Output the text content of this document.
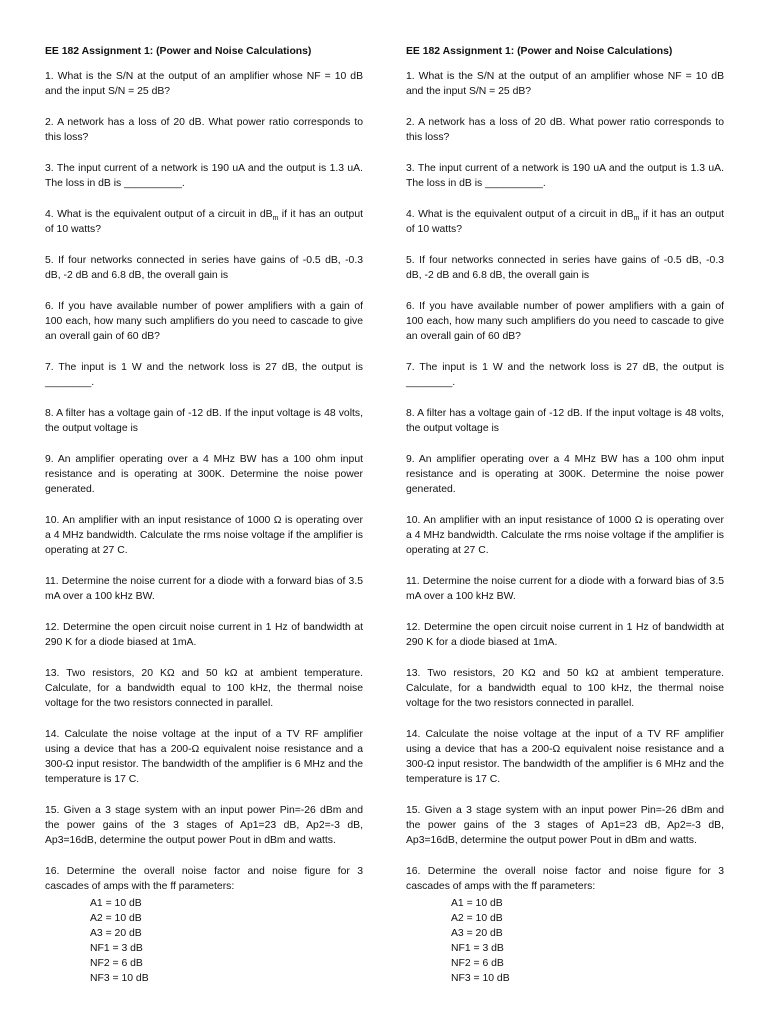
EE 182 Assignment 1: (Power and Noise Calculations)
1. What is the S/N at the output of an amplifier whose NF = 10 dB and the input S/N = 25 dB?
2. A network has a loss of 20 dB. What power ratio corresponds to this loss?
3. The input current of a network is 190 uA and the output is 1.3 uA. The loss in dB is __________.
4. What is the equivalent output of a circuit in $dB_m$ if it has an output of 10 watts?
5. If four networks connected in series have gains of -0.5 dB, -0.3 dB, -2 dB and 6.8 dB, the overall gain is
6. If you have available number of power amplifiers with a gain of 100 each, how many such amplifiers do you need to cascade to give an overall gain of 60 dB?
7. The input is 1 W and the network loss is 27 dB, the output is ________.
8. A filter has a voltage gain of -12 dB. If the input voltage is 48 volts, the output voltage is
9. An amplifier operating over a 4 MHz BW has a 100 ohm input resistance and is operating at 300K. Determine the noise power generated.
10. An amplifier with an input resistance of 1000 Ω is operating over a 4 MHz bandwidth. Calculate the rms noise voltage if the amplifier is operating at 27 C.
11. Determine the noise current for a diode with a forward bias of 3.5 mA over a 100 kHz BW.
12. Determine the open circuit noise current in 1 Hz of bandwidth at 290 K for a diode biased at 1mA.
13. Two resistors, 20 KΩ and 50 kΩ at ambient temperature. Calculate, for a bandwidth equal to 100 kHz, the thermal noise voltage for the two resistors connected in parallel.
14. Calculate the noise voltage at the input of a TV RF amplifier using a device that has a 200-Ω equivalent noise resistance and a 300-Ω input resistor. The bandwidth of the amplifier is 6 MHz and the temperature is 17 C.
15. Given a 3 stage system with an input power Pin=-26 dBm and the power gains of the 3 stages of Ap1=23 dB, Ap2=-3 dB, Ap3=16dB, determine the output power Pout in dBm and watts.
16. Determine the overall noise factor and noise figure for 3 cascades of amps with the ff parameters:
A1 = 10 dB
A2 = 10 dB
A3 = 20 dB
NF1 = 3 dB
NF2 = 6 dB
NF3 = 10 dB
EE 182 Assignment 1: (Power and Noise Calculations)
1. What is the S/N at the output of an amplifier whose NF = 10 dB and the input S/N = 25 dB?
2. A network has a loss of 20 dB. What power ratio corresponds to this loss?
3. The input current of a network is 190 uA and the output is 1.3 uA. The loss in dB is __________.
4. What is the equivalent output of a circuit in $dB_m$ if it has an output of 10 watts?
5. If four networks connected in series have gains of -0.5 dB, -0.3 dB, -2 dB and 6.8 dB, the overall gain is
6. If you have available number of power amplifiers with a gain of 100 each, how many such amplifiers do you need to cascade to give an overall gain of 60 dB?
7. The input is 1 W and the network loss is 27 dB, the output is ________.
8. A filter has a voltage gain of -12 dB. If the input voltage is 48 volts, the output voltage is
9. An amplifier operating over a 4 MHz BW has a 100 ohm input resistance and is operating at 300K. Determine the noise power generated.
10. An amplifier with an input resistance of 1000 Ω is operating over a 4 MHz bandwidth. Calculate the rms noise voltage if the amplifier is operating at 27 C.
11. Determine the noise current for a diode with a forward bias of 3.5 mA over a 100 kHz BW.
12. Determine the open circuit noise current in 1 Hz of bandwidth at 290 K for a diode biased at 1mA.
13. Two resistors, 20 KΩ and 50 kΩ at ambient temperature. Calculate, for a bandwidth equal to 100 kHz, the thermal noise voltage for the two resistors connected in parallel.
14. Calculate the noise voltage at the input of a TV RF amplifier using a device that has a 200-Ω equivalent noise resistance and a 300-Ω input resistor. The bandwidth of the amplifier is 6 MHz and the temperature is 17 C.
15. Given a 3 stage system with an input power Pin=-26 dBm and the power gains of the 3 stages of Ap1=23 dB, Ap2=-3 dB, Ap3=16dB, determine the output power Pout in dBm and watts.
16. Determine the overall noise factor and noise figure for 3 cascades of amps with the ff parameters:
A1 = 10 dB
A2 = 10 dB
A3 = 20 dB
NF1 = 3 dB
NF2 = 6 dB
NF3 = 10 dB
